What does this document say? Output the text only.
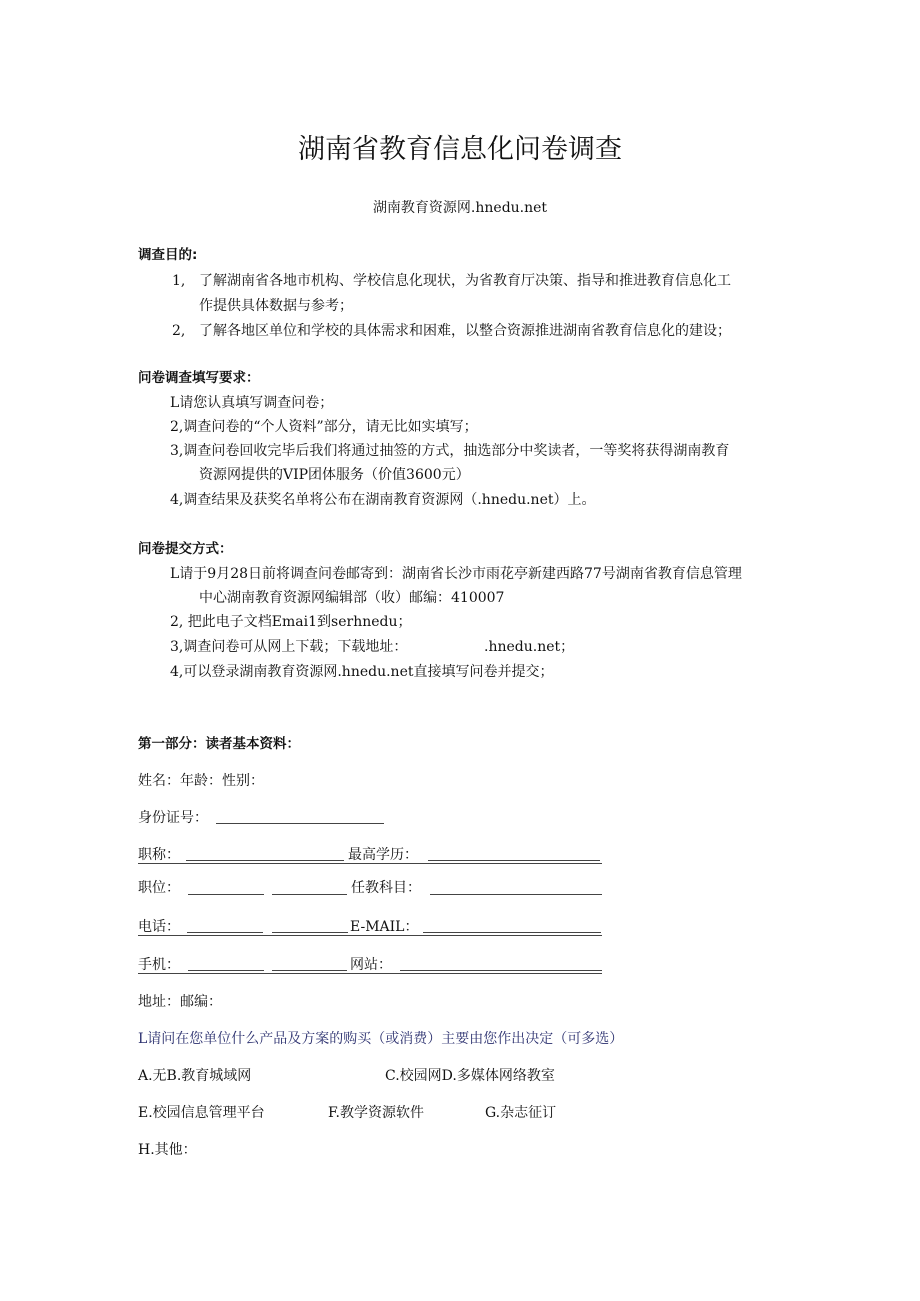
湖南省教育信息化问卷调查
湖南教育资源网.hnedu.net
调查目的:
1, 了解湖南省各地市机构、学校信息化现状，为省教育厅决策、指导和推进教育信息化工
作提供具体数据与参考；
2, 了解各地区单位和学校的具体需求和困难，以整合资源推进湖南省教育信息化的建设；
问卷调查填写要求：
L请您认真填写调查问卷；
2,调查问卷的“个人资料”部分，请无比如实填写；
3,调查问卷回收完毕后我们将通过抽签的方式，抽选部分中奖读者，一等奖将获得湖南教育
资源网提供的VIP团体服务（价值3600元）
4,调查结果及获奖名单将公布在湖南教育资源网（.hnedu.net）上。
问卷提交方式：
L请于9月28日前将调查问卷邮寄到：湖南省长沙市雨花亭新建西路77号湖南省教育信息管理
中心湖南教育资源网编辑部（收）邮编：410007
2, 把此电子文档Emai1到serhnedu；
3,调查问卷可从网上下载；下载地址：	.hnedu.net；
4,可以登录湖南教育资源网.hnedu.net直接填写问卷并提交；
第一部分：读者基本资料：
姓名：年龄：性别：
身份证号：
职称：	最高学历：
职位：	任教科目：
电话：	E-MAIL：
手机：	网站：
地址：邮编：
L请问在您单位什么产品及方案的购买（或消费）主要由您作出决定（可多选）
A.无B.教育城域网	C.校园网D.多媒体网络教室
E.校园信息管理平台	F.教学资源软件	G.杂志征订
H.其他：
